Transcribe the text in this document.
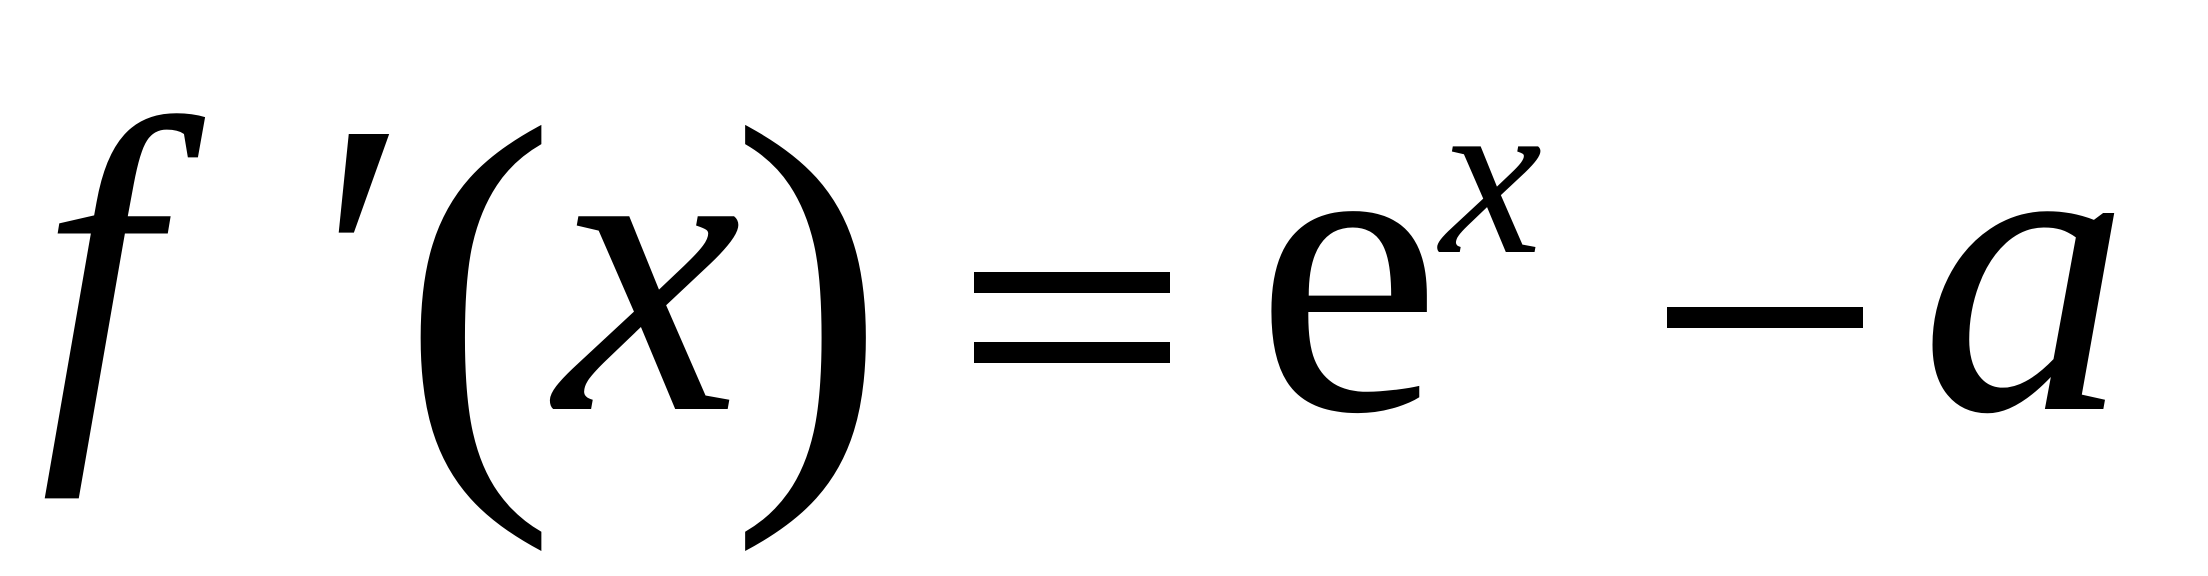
f ′
(
x
) e
x a
